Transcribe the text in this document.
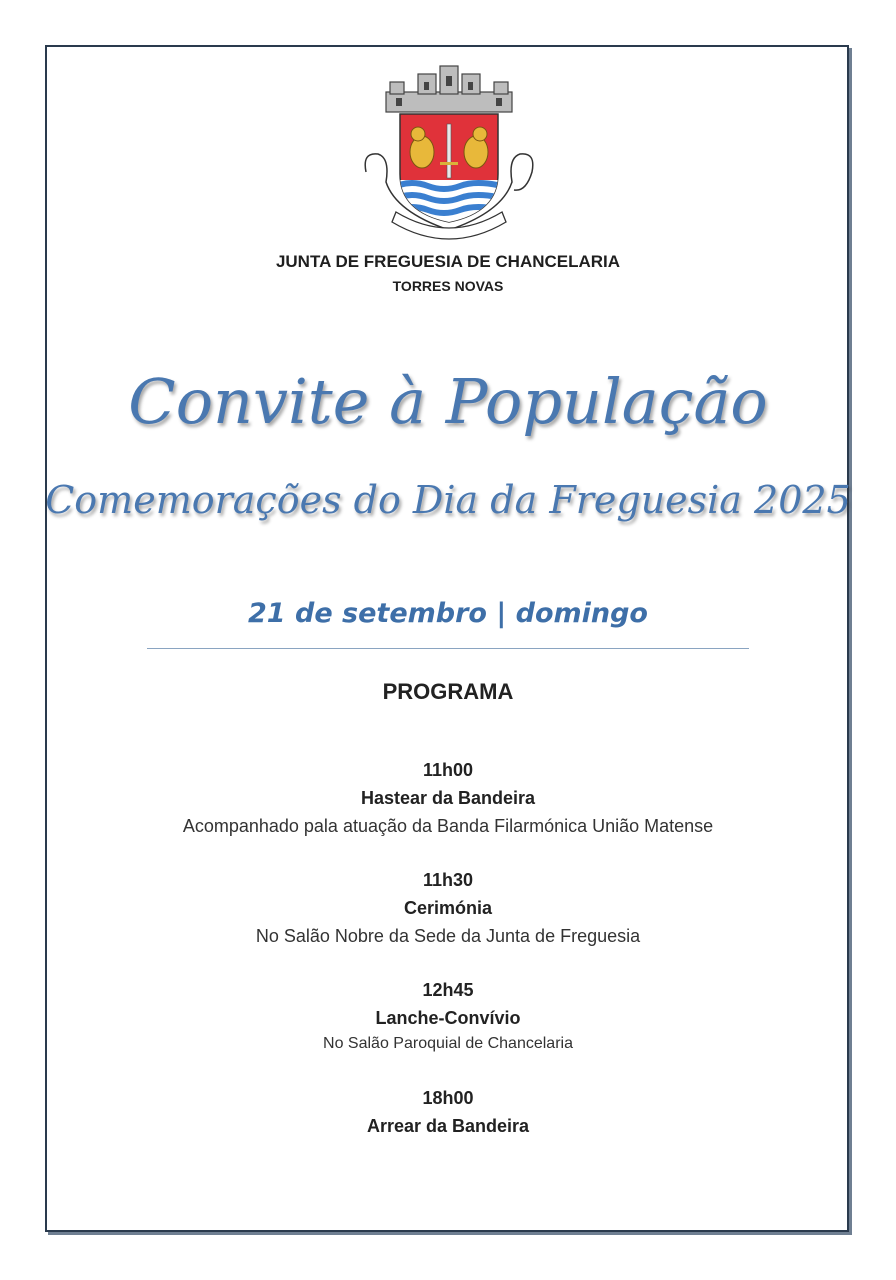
JUNTA DE FREGUESIA DE CHANCELARIA
TORRES NOVAS
Convite à População
Comemorações do Dia da Freguesia 2025
21 de setembro | domingo
PROGRAMA
11h00
Hastear da Bandeira
Acompanhado pala atuação da Banda Filarmónica União Matense
11h30
Cerimónia
No Salão Nobre da Sede da Junta de Freguesia
12h45
Lanche-Convívio
No Salão Paroquial de Chancelaria
18h00
Arrear da Bandeira
